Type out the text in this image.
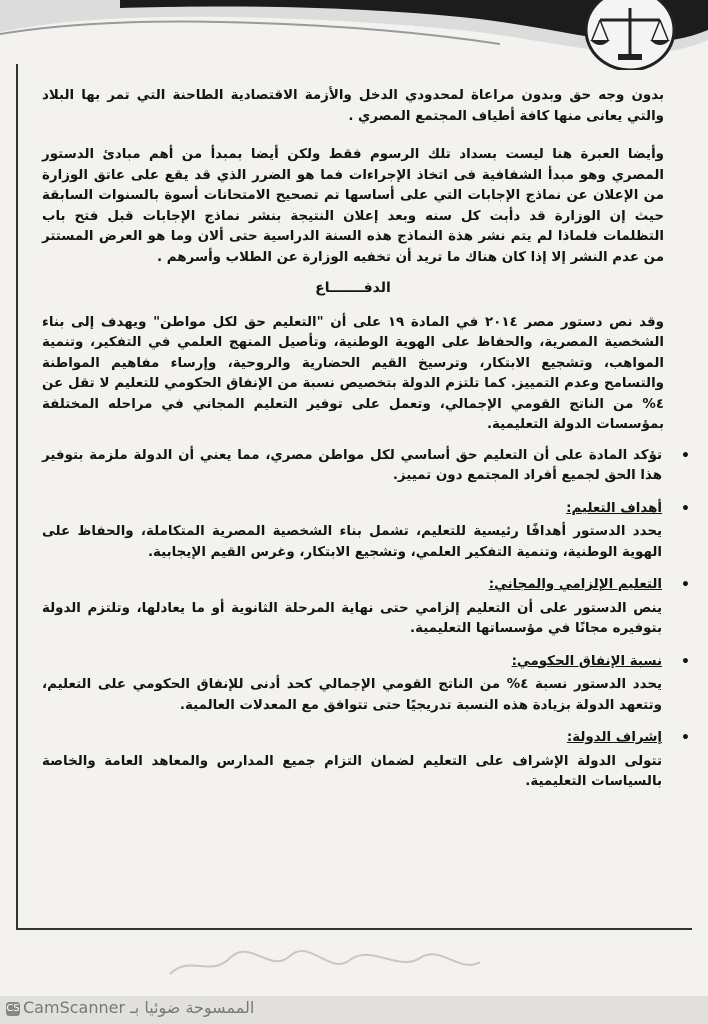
بدون وجه حق وبدون مراعاة لمحدودي الدخل والأزمة الاقتصادية الطاحنة التي تمر بها البلاد والتي يعانى منها كافة أطياف المجتمع المصري .

وأيضا العبرة هنا ليست بسداد تلك الرسوم فقط ولكن أيضا بمبدأ من أهم مبادئ الدستور المصري وهو مبدأ الشفافية فى اتخاذ الإجراءات فما هو الضرر الذي قد يقع على عاتق الوزارة من الإعلان عن نماذج الإجابات التي على أساسها تم تصحيح الامتحانات أسوة بالسنوات السابقة حيث إن الوزارة قد دأبت كل سنه وبعد إعلان النتيجة بنشر نماذج الإجابات قبل فتح باب التظلمات فلماذا لم يتم نشر هذة النماذج هذه السنة الدراسية حتى ألان وما هو العرض المستتر من عدم النشر إلا إذا كان هناك ما تريد أن تخفيه الوزارة عن الطلاب وأسرهم .

الدفـــــــاع

وقد نص دستور مصر ٢٠١٤ في المادة ١٩ على أن "التعليم حق لكل مواطن" ويهدف إلى بناء الشخصية المصرية، والحفاظ على الهوية الوطنية، وتأصيل المنهج العلمي في التفكير، وتنمية المواهب، وتشجيع الابتكار، وترسيخ القيم الحضارية والروحية، وإرساء مفاهيم المواطنة والتسامح وعدم التمييز. كما تلتزم الدولة بتخصيص نسبة من الإنفاق الحكومي للتعليم لا تقل عن ٤% من الناتج القومي الإجمالي، وتعمل على توفير التعليم المجاني في مراحله المختلفة بمؤسسات الدولة التعليمية.

•
تؤكد المادة على أن التعليم حق أساسي لكل مواطن مصري، مما يعني أن الدولة ملزمة بتوفير هذا الحق لجميع أفراد المجتمع دون تمييز.
•
أهداف التعليم:
يحدد الدستور أهدافًا رئيسية للتعليم، تشمل بناء الشخصية المصرية المتكاملة، والحفاظ على الهوية الوطنية، وتنمية التفكير العلمي، وتشجيع الابتكار، وغرس القيم الإيجابية.
•
التعليم الإلزامي والمجاني:
ينص الدستور على أن التعليم إلزامي حتى نهاية المرحلة الثانوية أو ما يعادلها، وتلتزم الدولة بتوفيره مجانًا في مؤسساتها التعليمية.
•
نسبة الإنفاق الحكومي:
يحدد الدستور نسبة ٤% من الناتج القومي الإجمالي كحد أدنى للإنفاق الحكومي على التعليم، وتتعهد الدولة بزيادة هذه النسبة تدريجيًا حتى تتوافق مع المعدلات العالمية.
•
إشراف الدولة:
تتولى الدولة الإشراف على التعليم لضمان التزام جميع المدارس والمعاهد العامة والخاصة بالسياسات التعليمية.
CS CamScanner الممسوحة ضوئيا بـ
